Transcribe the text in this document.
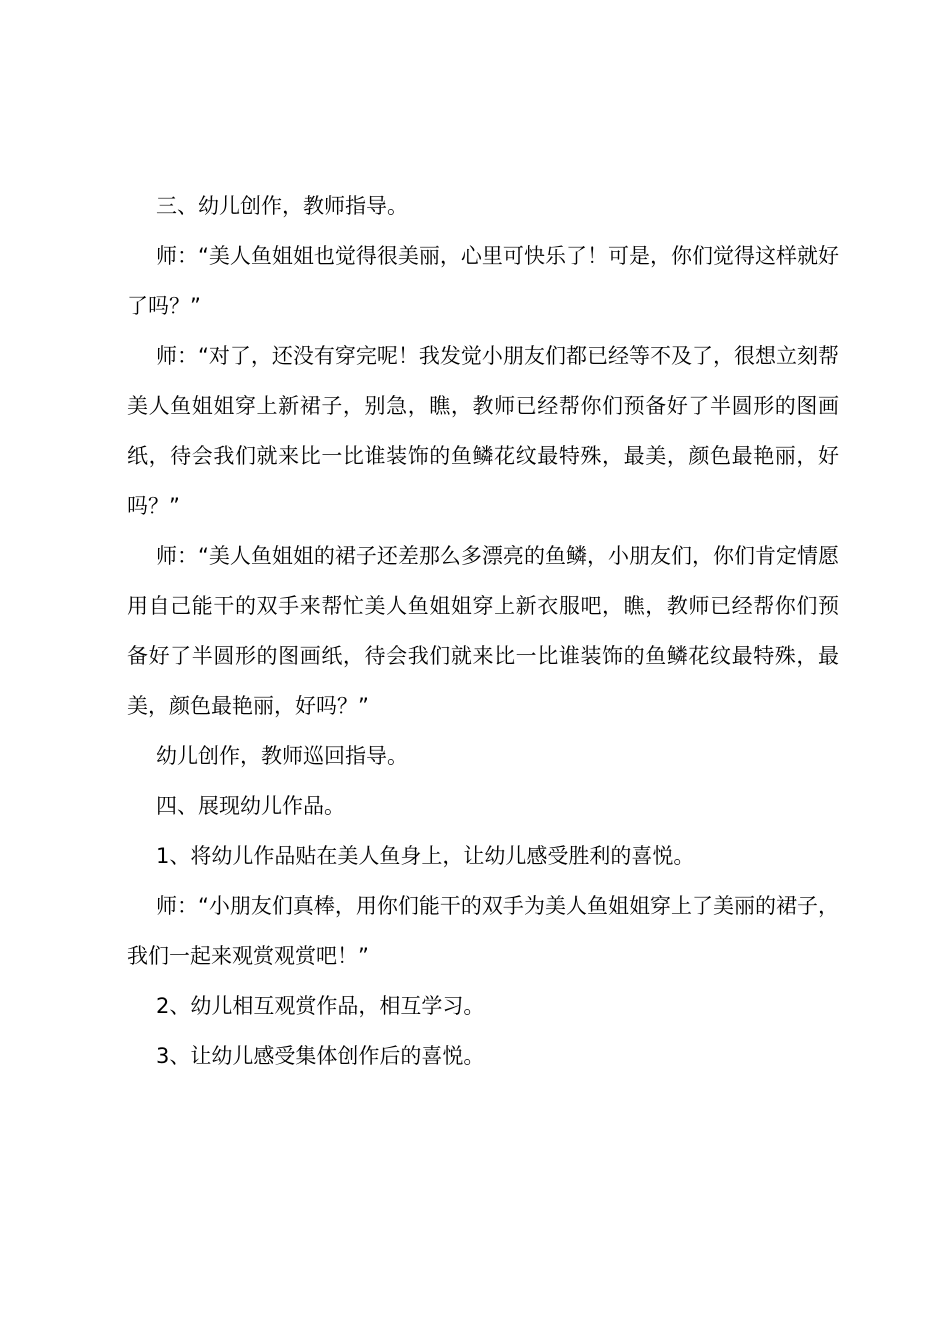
三、幼儿创作，教师指导。

师：“美人鱼姐姐也觉得很美丽，心里可快乐了！可是，你们觉得这样就好了吗？”

师：“对了，还没有穿完呢！我发觉小朋友们都已经等不及了，很想立刻帮美人鱼姐姐穿上新裙子，别急，瞧，教师已经帮你们预备好了半圆形的图画纸，待会我们就来比一比谁装饰的鱼鳞花纹最特殊，最美，颜色最艳丽，好吗？”

师：“美人鱼姐姐的裙子还差那么多漂亮的鱼鳞，小朋友们，你们肯定情愿用自己能干的双手来帮忙美人鱼姐姐穿上新衣服吧，瞧，教师已经帮你们预备好了半圆形的图画纸，待会我们就来比一比谁装饰的鱼鳞花纹最特殊，最美，颜色最艳丽，好吗？”

幼儿创作，教师巡回指导。

四、展现幼儿作品。

1、将幼儿作品贴在美人鱼身上，让幼儿感受胜利的喜悦。

师：“小朋友们真棒，用你们能干的双手为美人鱼姐姐穿上了美丽的裙子，我们一起来观赏观赏吧！”

2、幼儿相互观赏作品，相互学习。

3、让幼儿感受集体创作后的喜悦。
